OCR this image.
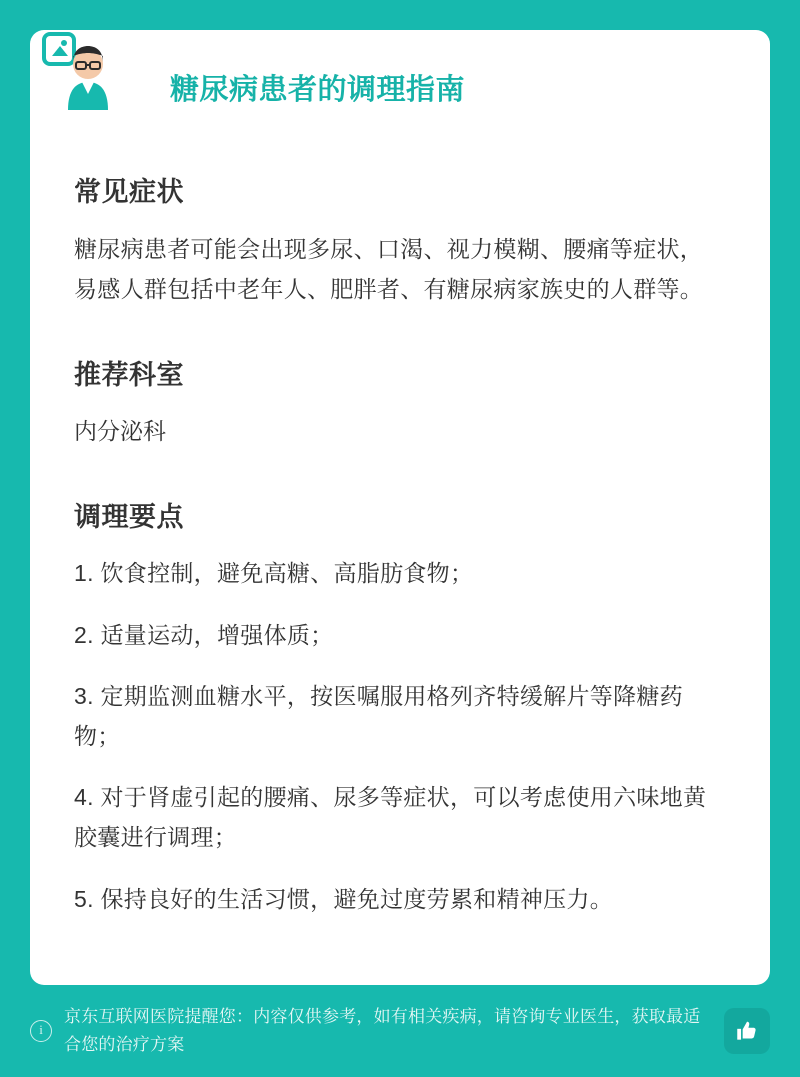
糖尿病患者的调理指南
常见症状

糖尿病患者可能会出现多尿、口渴、视力模糊、腰痛等症状，易感人群包括中老年人、肥胖者、有糖尿病家族史的人群等。

推荐科室

内分泌科

调理要点
1. 饮食控制，避免高糖、高脂肪食物；
2. 适量运动，增强体质；
3. 定期监测血糖水平，按医嘱服用格列齐特缓解片等降糖药物；
4. 对于肾虚引起的腰痛、尿多等症状，可以考虑使用六味地黄胶囊进行调理；
5. 保持良好的生活习惯，避免过度劳累和精神压力。
i
京东互联网医院提醒您：内容仅供参考，如有相关疾病，请咨询专业医生，获取最适合您的治疗方案
